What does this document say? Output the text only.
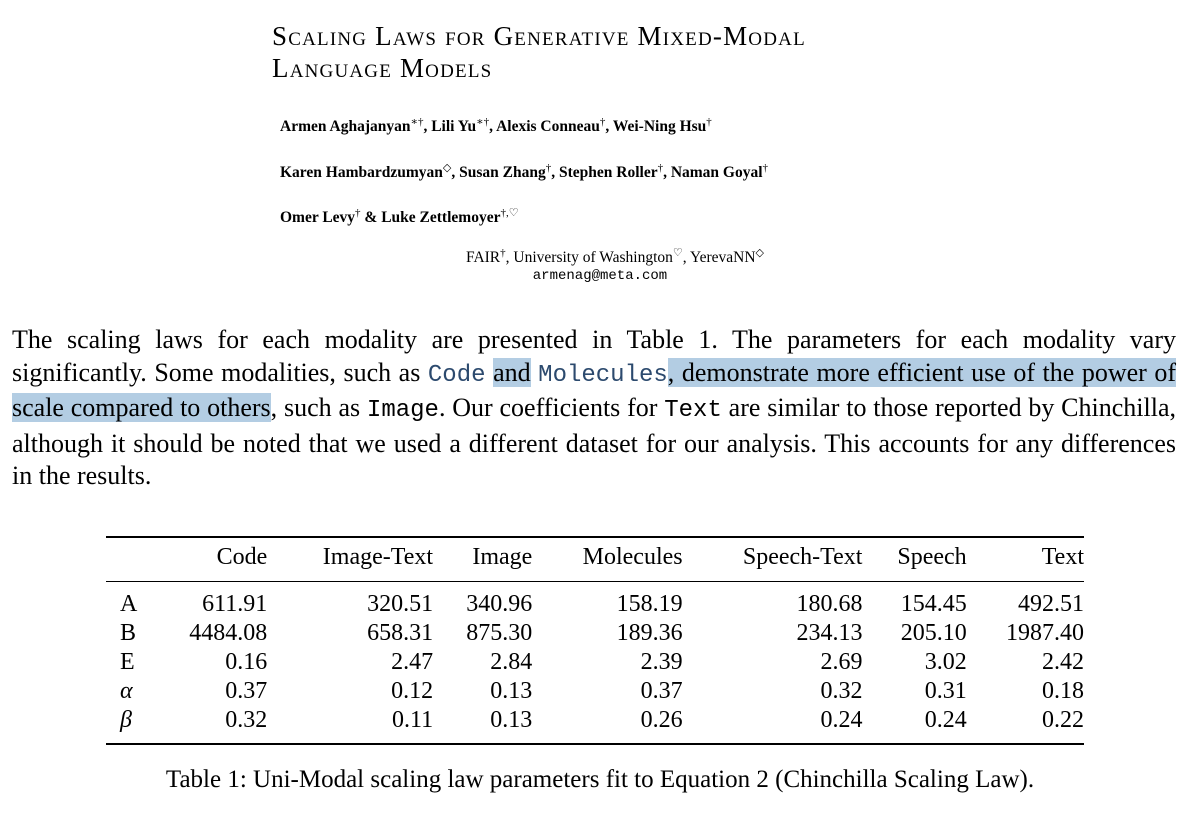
Scaling Laws for Generative Mixed-Modal
Language Models
Armen Aghajanyan∗†, Lili Yu∗†, Alexis Conneau†, Wei-Ning Hsu†
Karen Hambardzumyan◇, Susan Zhang†, Stephen Roller†, Naman Goyal†
Omer Levy† & Luke Zettlemoyer†,♡
FAIR†, University of Washington♡, YerevaNN◇
armenag@meta.com
The scaling laws for each modality are presented in Table 1. The parameters for each modality vary significantly. Some modalities, such as Code and Molecules, demonstrate more efficient use of the power of scale compared to others, such as Image. Our coefficients for Text are similar to those reported by Chinchilla, although it should be noted that we used a different dataset for our analysis. This accounts for any differences in the results.
	Code	Image-Text	Image	Molecules	Speech-Text	Speech	Text
A	611.91	320.51	340.96	158.19	180.68	154.45	492.51
B	4484.08	658.31	875.30	189.36	234.13	205.10	1987.40
E	0.16	2.47	2.84	2.39	2.69	3.02	2.42
α	0.37	0.12	0.13	0.37	0.32	0.31	0.18
β	0.32	0.11	0.13	0.26	0.24	0.24	0.22
Table 1: Uni-Modal scaling law parameters fit to Equation 2 (Chinchilla Scaling Law).
